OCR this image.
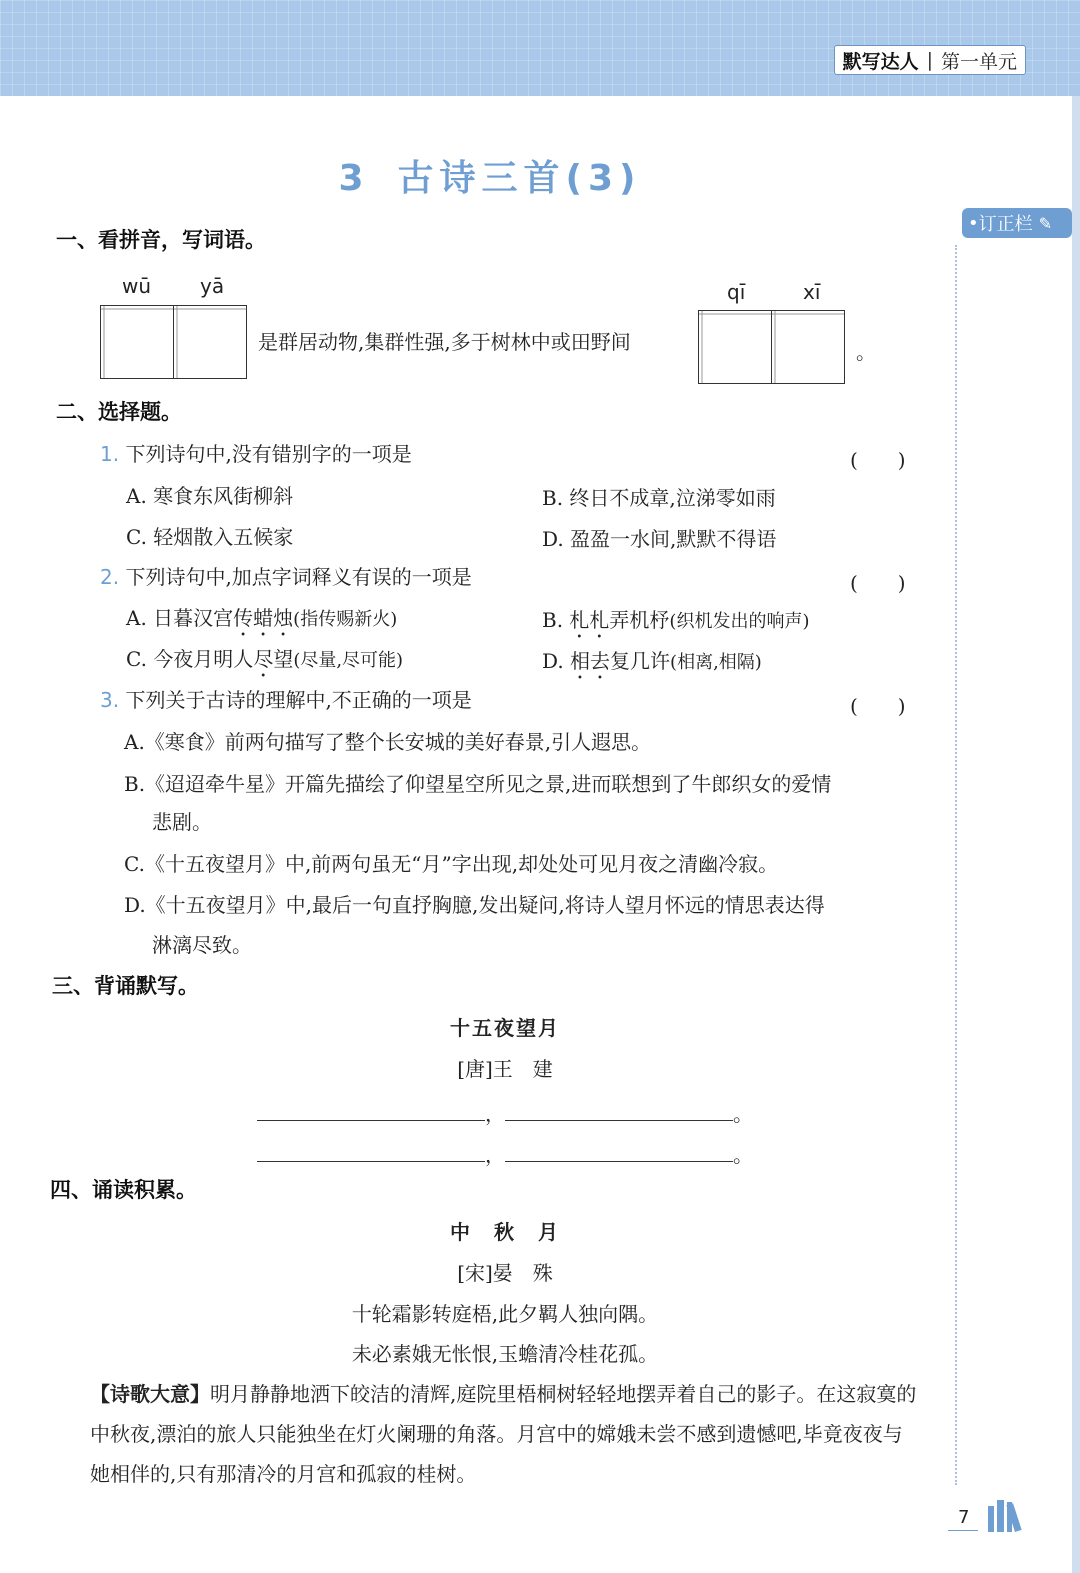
默写达人 | 第一单元
3 古诗三首(3)
• 订正栏 ✎
一、看拼音，写词语。
wū yā
是群居动物,集群性强,多于树林中或田野间
qī	xī
。
二、选择题。
1. 下列诗句中,没有错别字的一项是	(　　)
A. 寒食东风街柳斜	B. 终日不成章,泣涕零如雨
C. 轻烟散入五候家	D. 盈盈一水间,默默不得语
2. 下列诗句中,加点字词释义有误的一项是	(　　)
A. 日暮汉宫传蜡烛(指传赐新火)	B. 札札弄机杼(织机发出的响声)
C. 今夜月明人尽望(尽量,尽可能)	D. 相去复几许(相离,相隔)
3. 下列关于古诗的理解中,不正确的一项是	(　　)
A.《寒食》前两句描写了整个长安城的美好春景,引人遐思。
B.《迢迢牵牛星》开篇先描绘了仰望星空所见之景,进而联想到了牛郎织女的爱情
悲剧。
C.《十五夜望月》中,前两句虽无“月”字出现,却处处可见月夜之清幽冷寂。
D.《十五夜望月》中,最后一句直抒胸臆,发出疑问,将诗人望月怀远的情思表达得
淋漓尽致。
三、背诵默写。
十五夜望月
[唐]王　建
，	。
，	。
四、诵读积累。
中　秋　月
[宋]晏　殊
十轮霜影转庭梧,此夕羁人独向隅。
未必素娥无怅恨,玉蟾清冷桂花孤。
【诗歌大意】明月静静地洒下皎洁的清辉,庭院里梧桐树轻轻地摆弄着自己的影子。在这寂寞的中秋夜,漂泊的旅人只能独坐在灯火阑珊的角落。月宫中的嫦娥未尝不感到遗憾吧,毕竟夜夜与她相伴的,只有那清冷的月宫和孤寂的桂树。
7
